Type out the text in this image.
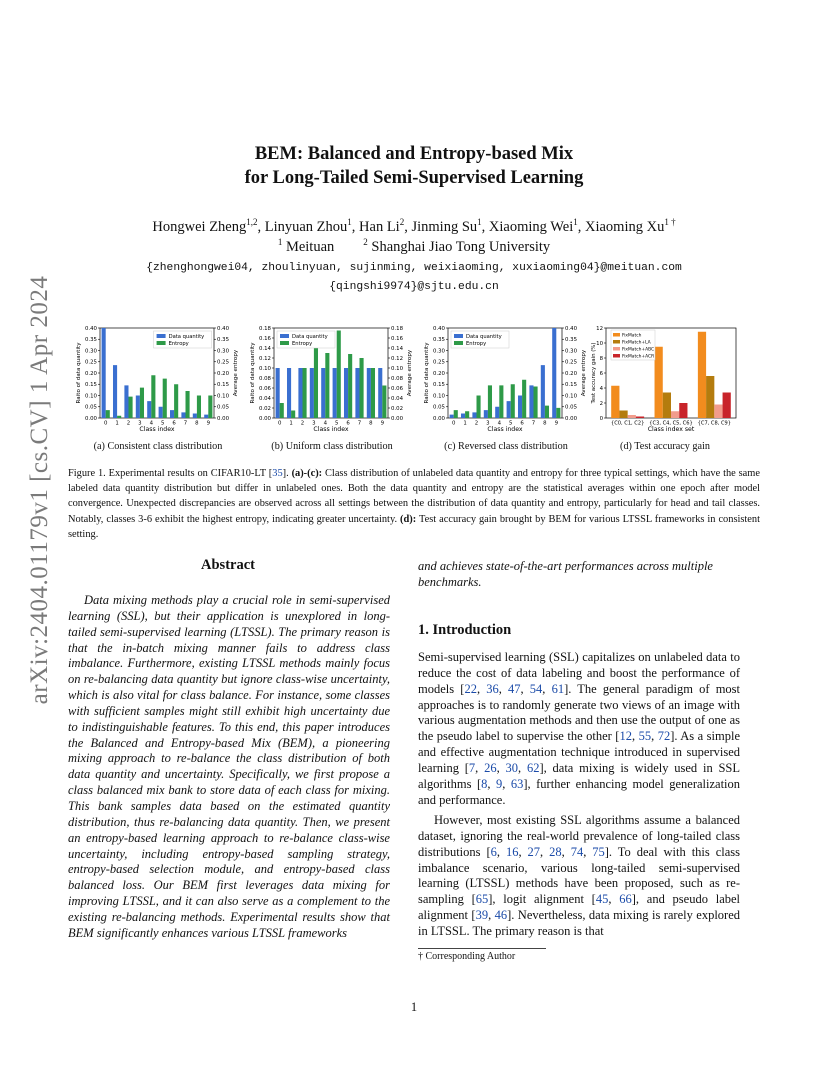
arXiv:2404.01179v1 [cs.CV] 1 Apr 2024
BEM: Balanced and Entropy-based Mix
for Long-Tailed Semi-Supervised Learning
Hongwei Zheng$^{1,2}$, Linyuan Zhou$^1$, Han Li$^2$, Jinming Su$^1$, Xiaoming Wei$^1$, Xiaoming $Xu^{1 \dagger}$
$^1$ Meituan	$^2$ Shanghai Jiao Tong University
{zhenghongwei04, zhoulinyuan, sujinming, weixiaoming, xuxiaoming04}@meituan.com
{qingshi9974}@sjtu.edu.cn
0.00
0.05
0.10
0.15
0.20
0.25
0.30
0.35
0.40
0.00
0.05
0.10
0.15
0.20
0.25
0.30
0.35
0.40
0 1 2 3 4 5 6 7 8 9
Class index
Raito of data quantity	Average entropy
Data quantity
Entropy
0.00
0.02
0.04
0.06
0.08
0.10
0.12
0.14
0.16
0.18
0.00
0.02
0.04
0.06
0.08
0.10
0.12
0.14
0.16
0.18
0 1 2 3 4 5 6 7 8 9
Class index
Raito of data quantity	Average entropy
Data quantity
Entropy
0.00
0.05
0.10
0.15
0.20
0.25
0.30
0.35
0.40
0.00
0.05
0.10
0.15
0.20
0.25
0.30
0.35
0.40
0 1 2 3 4 5 6 7 8 9
Class index
Raito of data quantity	Average entropy
Data quantity
Entropy
0
2
4
6
8
10
12
{C0, C1, C2} {C3, C4, C5, C6} {C7, C8, C9}
Class index set
Test accuracy gain (%)
FixMatch
FixMatch+LA
FixMatch+ABC
FixMatch+ACR
(a) Consistent class distribution	(b) Uniform class distribution	(c) Reversed class distribution	(d) Test accuracy gain
Figure 1. Experimental results on CIFAR10-LT [35]. (a)-(c): Class distribution of unlabeled data quantity and entropy for three typical settings, which have the same labeled data quantity distribution but differ in unlabeled ones. Both the data quantity and entropy are the statistical averages within one epoch after model convergence. Unexpected discrepancies are observed across all settings between the distribution of data quantity and entropy, particularly for head and tail classes. Notably, classes 3-6 exhibit the highest entropy, indicating greater uncertainty. (d): Test accuracy gain brought by BEM for various LTSSL frameworks in consistent setting.
Abstract
Data mixing methods play a crucial role in semi-supervised learning (SSL), but their application is unexplored in long-tailed semi-supervised learning (LTSSL). The primary reason is that the in-batch mixing manner fails to address class imbalance. Furthermore, existing LTSSL methods mainly focus on re-balancing data quantity but ignore class-wise uncertainty, which is also vital for class balance. For instance, some classes with sufficient samples might still exhibit high uncertainty due to indistinguishable features. To this end, this paper introduces the Balanced and Entropy-based Mix (BEM), a pioneering mixing approach to re-balance the class distribution of both data quantity and uncertainty. Specifically, we first propose a class balanced mix bank to store data of each class for mixing. This bank samples data based on the estimated quantity distribution, thus re-balancing data quantity. Then, we present an entropy-based learning approach to re-balance class-wise uncertainty, including entropy-based sampling strategy, entropy-based selection module, and entropy-based class balanced loss. Our BEM first leverages data mixing for improving LTSSL, and it can also serve as a complement to the existing re-balancing methods. Experimental results show that BEM significantly enhances various LTSSL frameworks
and achieves state-of-the-art performances across multiple benchmarks.
1. Introduction
Semi-supervised learning (SSL) capitalizes on unlabeled data to reduce the cost of data labeling and boost the performance of models [22, 36, 47, 54, 61]. The general paradigm of most approaches is to randomly generate two views of an image with various augmentation methods and then use the output of one as the pseudo label to supervise the other [12, 55, 72]. As a simple and effective augmentation technique introduced in supervised learning [7, 26, 30, 62], data mixing is widely used in SSL algorithms [8, 9, 63], further enhancing model generalization and performance.
However, most existing SSL algorithms assume a balanced dataset, ignoring the real-world prevalence of long-tailed class distributions [6, 16, 27, 28, 74, 75]. To deal with this class imbalance scenario, various long-tailed semi-supervised learning (LTSSL) methods have been proposed, such as re-sampling [65], logit alignment [45, 66], and pseudo label alignment [39, 46]. Nevertheless, data mixing is rarely explored in LTSSL. The primary reason is that
† Corresponding Author
1
